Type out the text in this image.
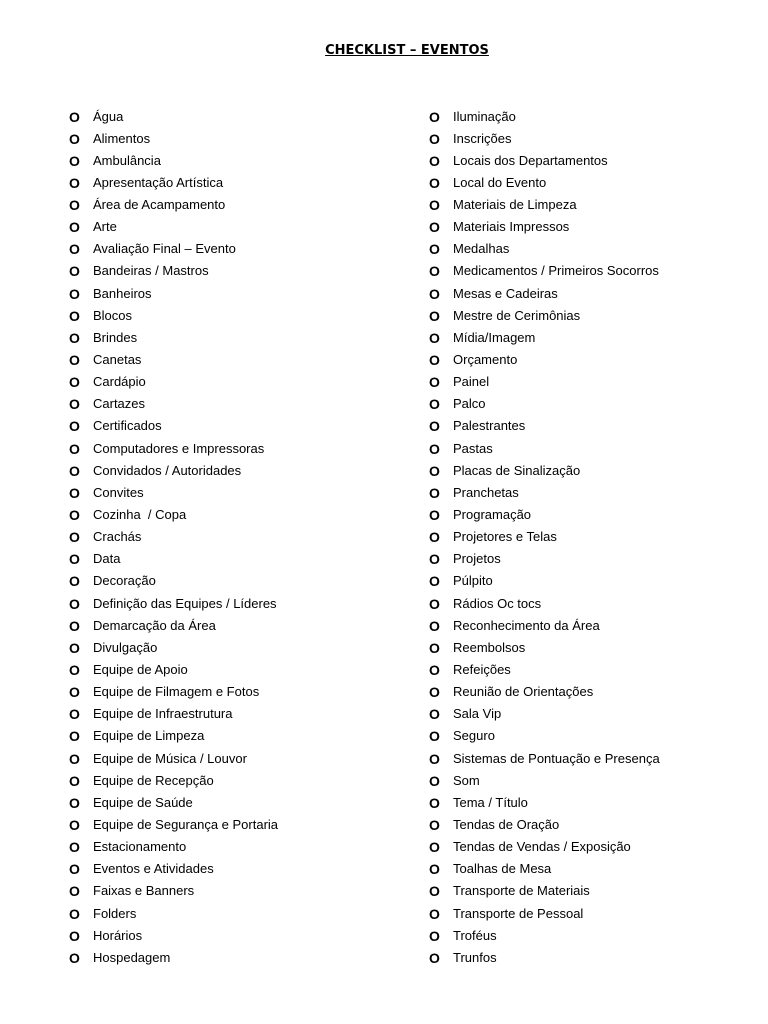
CHECKLIST – EVENTOS
O	Água
O	Alimentos
O	Ambulância
O	Apresentação Artística
O	Área de Acampamento
O	Arte
O	Avaliação Final – Evento
O	Bandeiras / Mastros
O	Banheiros
O	Blocos
O	Brindes
O	Canetas
O	Cardápio
O	Cartazes
O	Certificados
O	Computadores e Impressoras
O	Convidados / Autoridades
O	Convites
O	Cozinha  / Copa
O	Crachás
O	Data
O	Decoração
O	Definição das Equipes / Líderes
O	Demarcação da Área
O	Divulgação
O	Equipe de Apoio
O	Equipe de Filmagem e Fotos
O	Equipe de Infraestrutura
O	Equipe de Limpeza
O	Equipe de Música / Louvor
O	Equipe de Recepção
O	Equipe de Saúde
O	Equipe de Segurança e Portaria
O	Estacionamento
O	Eventos e Atividades
O	Faixas e Banners
O	Folders
O	Horários
O	Hospedagem
O	Iluminação
O	Inscrições
O	Locais dos Departamentos
O	Local do Evento
O	Materiais de Limpeza
O	Materiais Impressos
O	Medalhas
O	Medicamentos / Primeiros Socorros
O	Mesas e Cadeiras
O	Mestre de Cerimônias
O	Mídia/Imagem
O	Orçamento
O	Painel
O	Palco
O	Palestrantes
O	Pastas
O	Placas de Sinalização
O	Pranchetas
O	Programação
O	Projetores e Telas
O	Projetos
O	Púlpito
O	Rádios Oc tocs
O	Reconhecimento da Área
O	Reembolsos
O	Refeições
O	Reunião de Orientações
O	Sala Vip
O	Seguro
O	Sistemas de Pontuação e Presença
O	Som
O	Tema / Título
O	Tendas de Oração
O	Tendas de Vendas / Exposição
O	Toalhas de Mesa
O	Transporte de Materiais
O	Transporte de Pessoal
O	Troféus
O	Trunfos
